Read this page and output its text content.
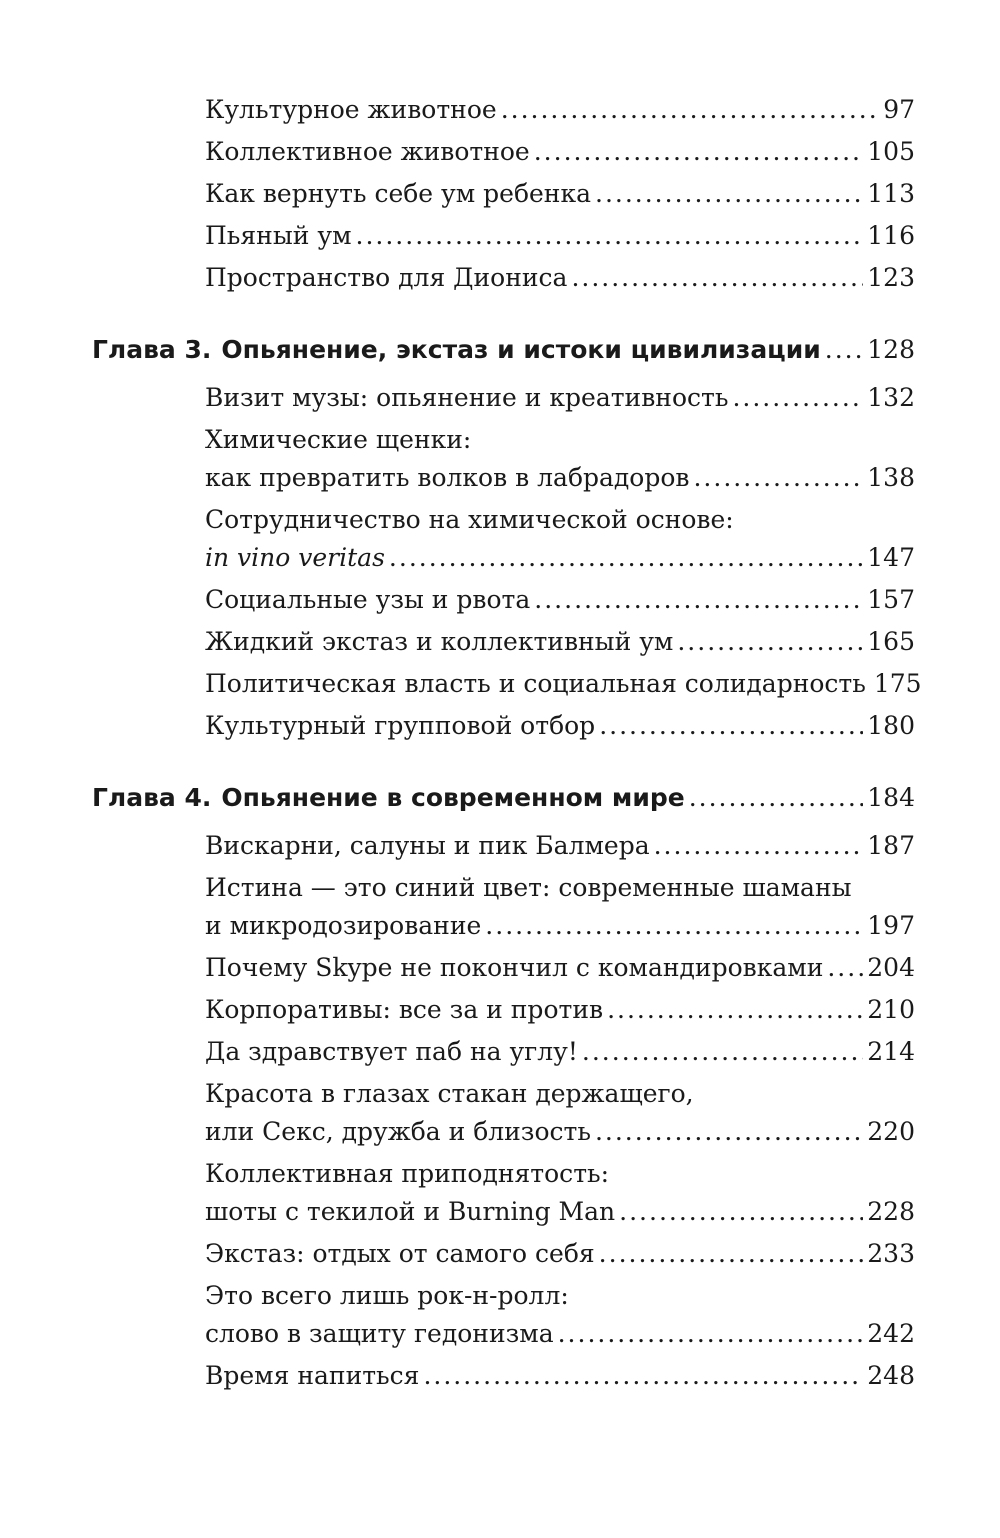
Культурное животное .....	97
Коллективное животное .....	105
Как вернуть себе ум ребенка .....	113
Пьяный ум .....	116
Пространство для Диониса .....	123
Глава 3. Опьянение, экстаз и истоки цивилизации ..... 128
Визит музы: опьянение и креативность .....	132
Химические щенки:
как превратить волков в лабрадоров .....	138
Сотрудничество на химической основе:
in vino veritas .....	147
Социальные узы и рвота .....	157
Жидкий экстаз и коллективный ум .....	165
Политическая власть и социальная солидарность 175
Культурный групповой отбор .....	180
Глава 4. Опьянение в современном мире .....	184
Вискарни, салуны и пик Балмера .....	187
Истина — это синий цвет: современные шаманы
и микродозирование .....	197
Почему Skype не покончил с командировками ..... 204
Корпоративы: все за и против .....	210
Да здравствует паб на углу! .....	214
Красота в глазах стакан держащего,
или Секс, дружба и близость .....	220
Коллективная приподнятость:
шоты с текилой и Burning Man .....	228
Экстаз: отдых от самого себя .....	233
Это всего лишь рок-н-ролл:
слово в защиту гедонизма .....	242
Время напиться .....	248
